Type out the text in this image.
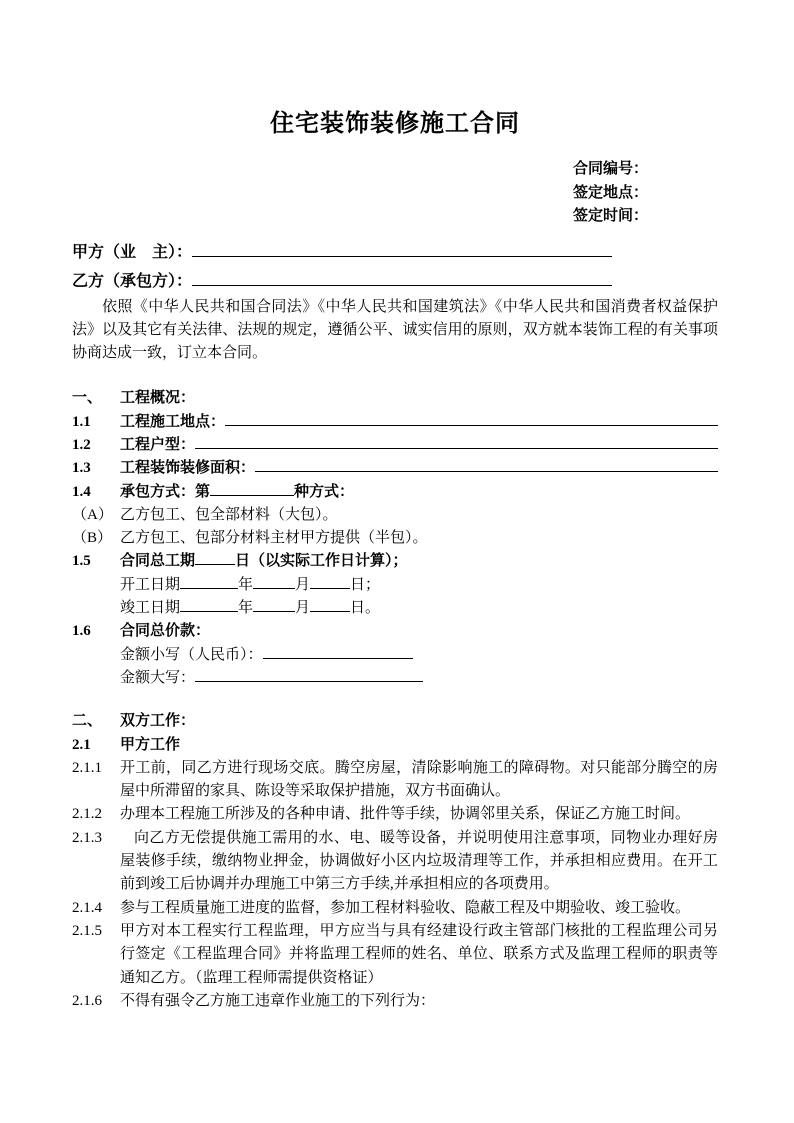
住宅装饰装修施工合同
合同编号：
签定地点：
签定时间：
甲方（业　主）：
乙方（承包方）：

依照《中华人民共和国合同法》《中华人民共和国建筑法》《中华人民共和国消费者权益保护法》以及其它有关法律、法规的规定，遵循公平、诚实信用的原则，双方就本装饰工程的有关事项协商达成一致，订立本合同。

一、	工程概况：
1.1	工程施工地点：
1.2	工程户型：
1.3	工程装饰装修面积：
1.4	承包方式：第	种方式：
（A） 乙方包工、包全部材料（大包）。
（B） 乙方包工、包部分材料主材甲方提供（半包）。
1.5	合同总工期	日（以实际工作日计算）；
开工日期	年	月	日；
竣工日期	年	月	日。
1.6	合同总价款：
金额小写（人民币）：
金额大写：
二、	双方工作：
2.1	甲方工作
2.1.1	开工前，同乙方进行现场交底。腾空房屋，清除影响施工的障碍物。对只能部分腾空的房屋中所滞留的家具、陈设等采取保护措施，双方书面确认。
2.1.2	办理本工程施工所涉及的各种申请、批件等手续，协调邻里关系，保证乙方施工时间。
2.1.3	向乙方无偿提供施工需用的水、电、暖等设备，并说明使用注意事项，同物业办理好房屋装修手续，缴纳物业押金，协调做好小区内垃圾清理等工作，并承担相应费用。在开工前到竣工后协调并办理施工中第三方手续,并承担相应的各项费用。
2.1.4	参与工程质量施工进度的监督，参加工程材料验收、隐蔽工程及中期验收、竣工验收。
2.1.5	甲方对本工程实行工程监理，甲方应当与具有经建设行政主管部门核批的工程监理公司另行签定《工程监理合同》并将监理工程师的姓名、单位、联系方式及监理工程师的职责等通知乙方。（监理工程师需提供资格证）
2.1.6	不得有强令乙方施工违章作业施工的下列行为：
